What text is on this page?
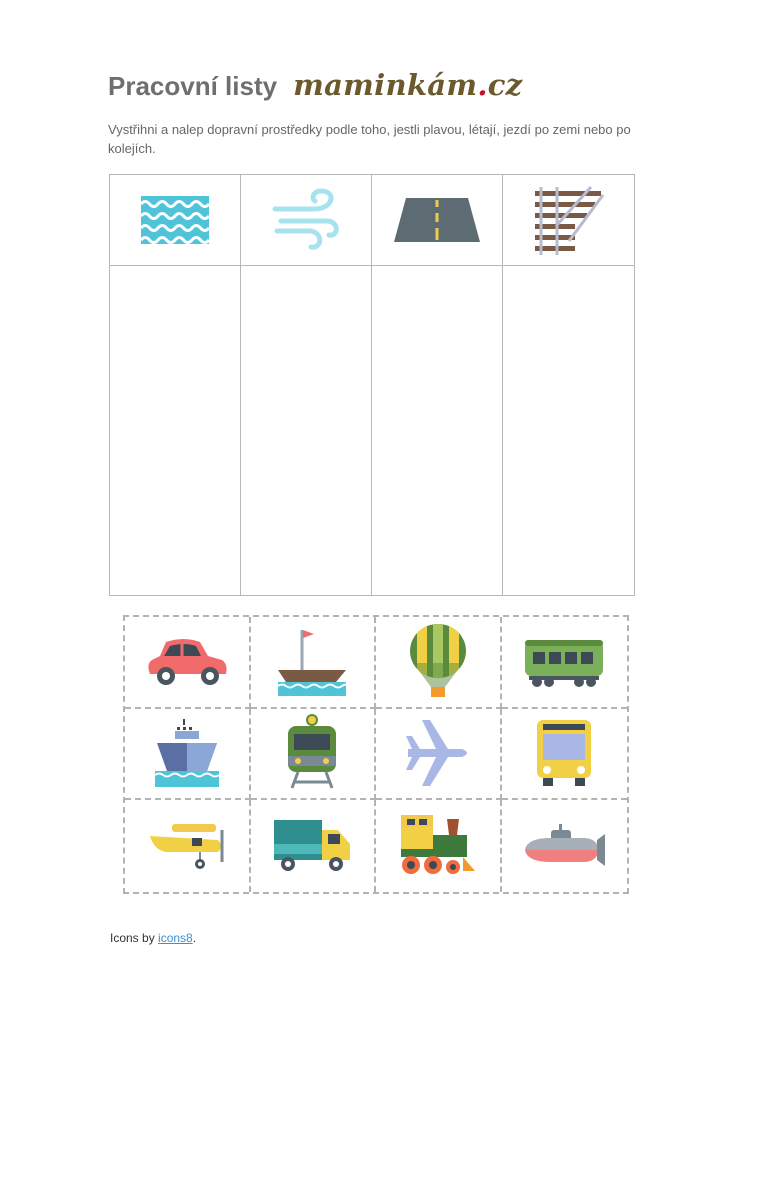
Pracovní listy maminkám.cz
Vystřihni a nalep dopravní prostředky podle toho, jestli plavou, létají, jezdí po zemi nebo po kolejích.
Icons by icons8.
